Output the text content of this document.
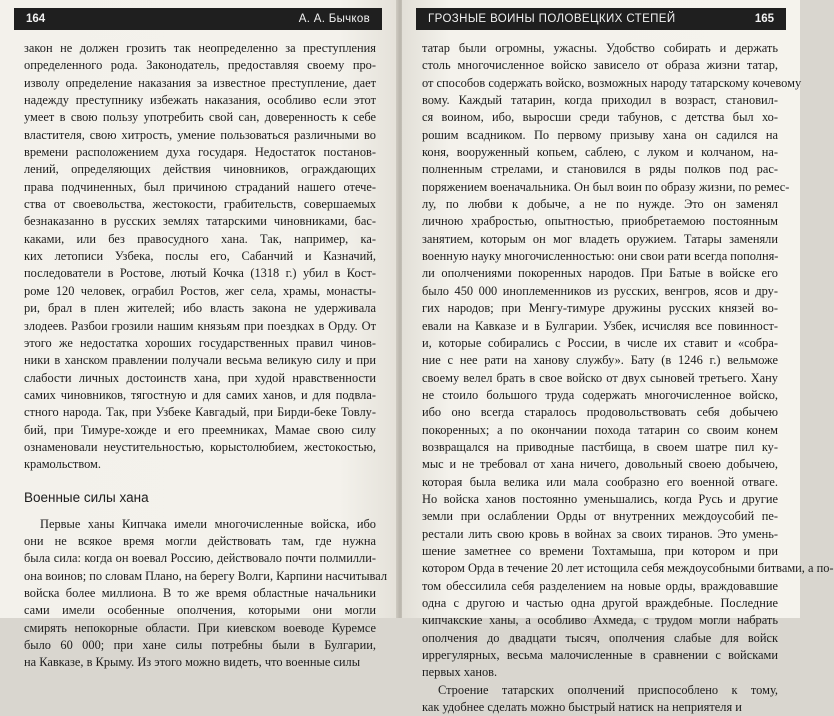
164	А. А. Бычков
закон не должен грозить так неопределенно за преступления
определенного рода. Законодатель, предоставляя своему про-
изволу определение наказания за известное преступление, дает
надежду преступнику избежать наказания, особливо если этот
умеет в свою пользу употребить свой сан, доверенность к себе
властителя, свою хитрость, умение пользоваться различными во
времени расположением духа государя. Недостаток постанов-
лений, определяющих действия чиновников, ограждающих
права подчиненных, был причиною страданий нашего отече-
ства от своевольства, жестокости, грабительств, совершаемых
безнаказанно в русских землях татарскими чиновниками, бас-
каками, или без правосудного хана. Так, например, ка-
ких летописи Узбека, послы его, Сабанчий и Казначий,
последователи в Ростове, лютый Кочка (1318 г.) убил в Кост-
роме 120 человек, ограбил Ростов, жег села, храмы, монасты-
ри, брал в плен жителей; ибо власть закона не удерживала
злодеев. Разбои грозили нашим князьям при поездках в Орду. От
этого же недостатка хороших государственных правил чинов-
ники в ханском правлении получали весьма великую силу и при
слабости личных достоинств хана, при худой нравственности
самих чиновников, тягостную и для самих ханов, и для подвла-
стного народа. Так, при Узбеке Кавгадый, при Бирди-беке Товлу-
бий, при Тимуре-хожде и его преемниках, Мамае свою силу
ознаменовали неустительностью, корыстолюбием, жестокостью,
крамольством.
Военные силы хана
Первые ханы Кипчака имели многочисленные войска, ибо
они не всякое время могли действовать там, где нужна
была сила: когда он воевал Россию, действовало почти полмилли-
она воинов; по словам Плано, на берегу Волги, Карпини насчитывал
войска более миллиона. В то же время областные начальники
сами имели особенные ополчения, которыми они могли
смирять непокорные области. При киевском воеводе Куремсе
было 60 000; при хане силы потребны были в Булгарии,
на Кавказе, в Крыму. Из этого можно видеть, что военные силы
ГРОЗНЫЕ ВОИНЫ ПОЛОВЕЦКИХ СТЕПЕЙ	165
татар были огромны, ужасны. Удобство собирать и держать
столь многочисленное войско зависело от образа жизни татар,
от способов содержать войско, возможных народу татарскому кочевому
вому. Каждый татарин, когда приходил в возраст, становил-
ся воином, ибо, выросши среди табунов, с детства был хо-
рошим всадником. По первому призыву хана он садился на
коня, вооруженный копьем, саблею, с луком и колчаном, на-
полненным стрелами, и становился в ряды полков под рас-
поряжением военачальника. Он был воин по образу жизни, по ремес-
лу, по любви к добыче, а не по нужде. Это он заменял
личною храбростью, опытностью, приобретаемою постоянным
занятием, которым он мог владеть оружием. Татары заменяли
военную науку многочисленностью: они свои рати всегда пополня-
ли ополчениями покоренных народов. При Батые в войске его
было 450 000 иноплеменников из русских, венгров, ясов и дру-
гих народов; при Менгу-тимуре дружины русских князей во-
евали на Кавказе и в Булгарии. Узбек, исчисляя все повинност-
и, которые собирались с России, в числе их ставит и «собра-
ние с нее рати на ханову службу». Бату (в 1246 г.) вельможе
своему велел брать в свое войско от двух сыновей третьего. Хану
не стоило большого труда содержать многочисленное войско,
ибо оно всегда старалось продовольствовать себя добычею
покоренных; а по окончании похода татарин со своим конем
возвращался на приводные пастбища, в своем шатре пил ку-
мыс и не требовал от хана ничего, довольный своею добычею,
которая была велика или мала сообразно его военной отваге.
Но войска ханов постоянно уменьшались, когда Русь и другие
земли при ослаблении Орды от внутренних междоусобий пе-
рестали лить свою кровь в войнах за своих тиранов. Это умень-
шение заметнее со времени Тохтамыша, при котором и при
котором Орда в течение 20 лет истощила себя междоусобными битвами, а по-
том обессилила себя разделением на новые орды, враждовавшие
одна с другою и частью одна другой враждебные. Последние
кипчакские ханы, а особливо Ахмеда, с трудом могли набрать
ополчения до двадцати тысяч, ополчения слабые для войск
иррегулярных, весьма малочисленные в сравнении с войсками
первых ханов.
Строение татарских ополчений приспособлено к тому,
как удобнее сделать можно быстрый натиск на неприятеля и
